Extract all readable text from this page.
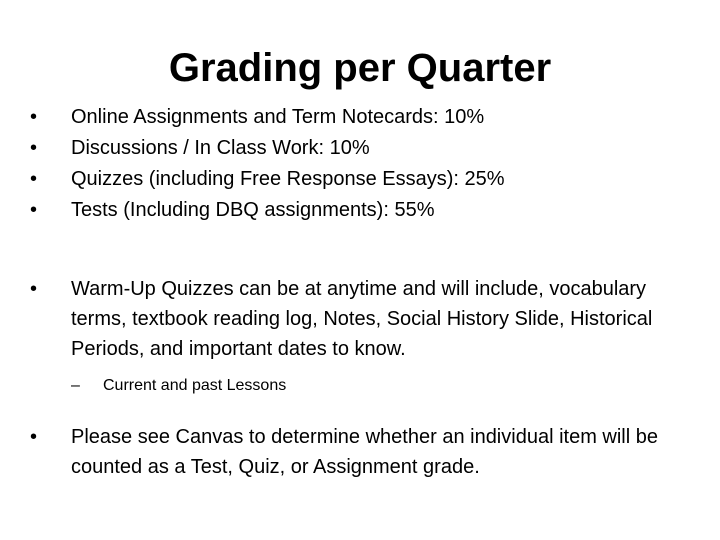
Grading per Quarter
•	Online Assignments and Term Notecards: 10%
•	Discussions / In Class Work: 10%
•	Quizzes (including Free Response Essays): 25%
•	Tests (Including DBQ assignments): 55%
•	Warm-Up Quizzes can be at anytime and will include, vocabulary terms, textbook reading log, Notes, Social History Slide, Historical Periods, and important dates to know.
– Current and past Lessons
•	Please see Canvas to determine whether an individual item will be counted as a Test, Quiz, or Assignment grade.
